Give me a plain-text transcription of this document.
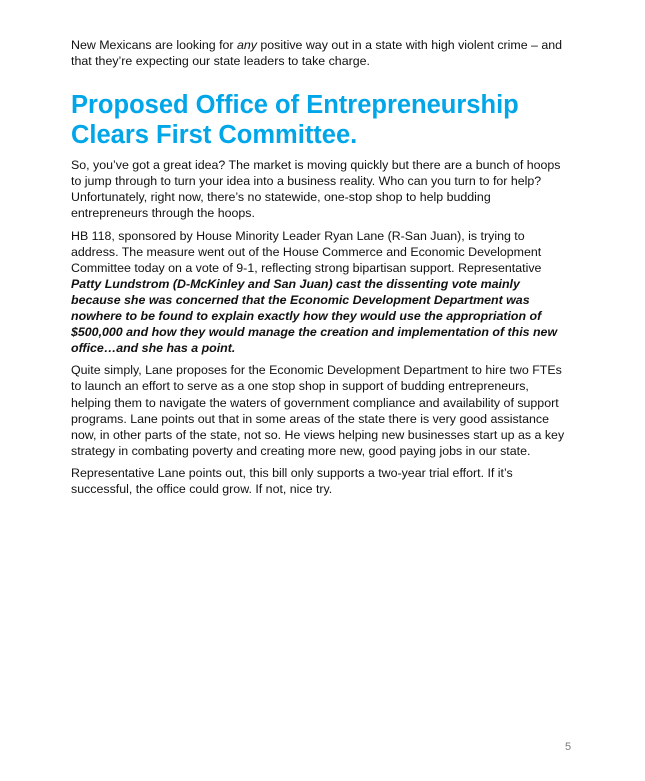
New Mexicans are looking for any positive way out in a state with high violent crime – and that they’re expecting our state leaders to take charge.

Proposed Office of Entrepreneurship Clears First Committee.

So, you’ve got a great idea? The market is moving quickly but there are a bunch of hoops to jump through to turn your idea into a business reality. Who can you turn to for help? Unfortunately, right now, there’s no statewide, one-stop shop to help budding entrepreneurs through the hoops.

HB 118, sponsored by House Minority Leader Ryan Lane (R-San Juan), is trying to address. The measure went out of the House Commerce and Economic Development Committee today on a vote of 9-1, reflecting strong bipartisan support. Representative Patty Lundstrom (D-McKinley and San Juan) cast the dissenting vote mainly because she was concerned that the Economic Development Department was nowhere to be found to explain exactly how they would use the appropriation of $500,000 and how they would manage the creation and implementation of this new office…and she has a point.

Quite simply, Lane proposes for the Economic Development Department to hire two FTEs to launch an effort to serve as a one stop shop in support of budding entrepreneurs, helping them to navigate the waters of government compliance and availability of support programs. Lane points out that in some areas of the state there is very good assistance now, in other parts of the state, not so. He views helping new businesses start up as a key strategy in combating poverty and creating more new, good paying jobs in our state.

Representative Lane points out, this bill only supports a two-year trial effort. If it’s successful, the office could grow. If not, nice try.

5
